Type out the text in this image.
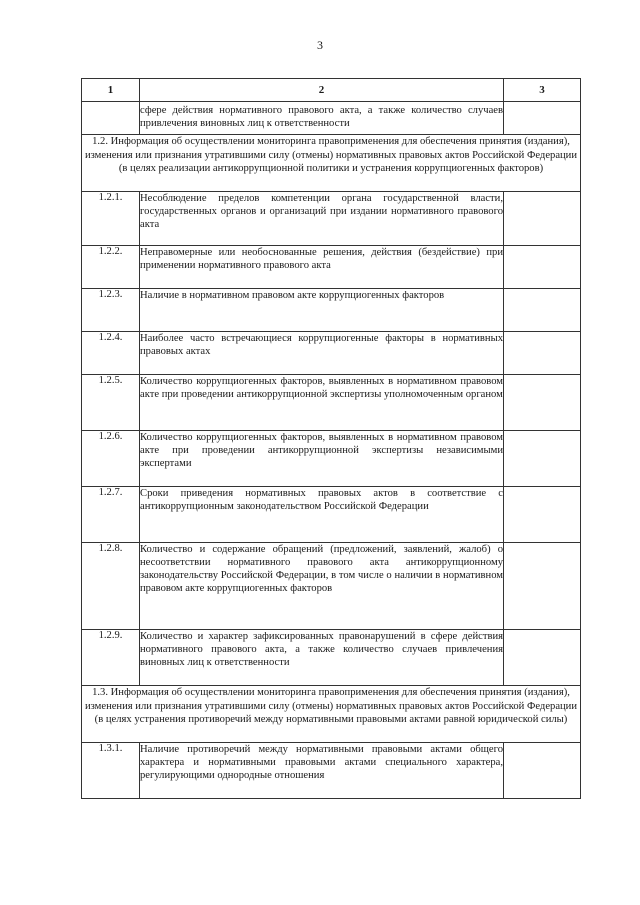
3
1	2	3
	сфере действия нормативного правового акта, а также количество случаев привлечения виновных лиц к ответственности	
1.2. Информация об осуществлении мониторинга правоприменения для обеспечения принятия (издания), изменения или признания утратившими силу (отмены) нормативных правовых актов Российской Федерации (в целях реализации антикоррупционной политики и устранения коррупциогенных факторов)		
1.2.1.	Несоблюдение пределов компетенции органа государственной власти, государственных органов и организаций при издании нормативного правового акта	
1.2.2.	Неправомерные или необоснованные решения, действия (бездействие) при применении нормативного правового акта	
1.2.3.	Наличие в нормативном правовом акте коррупциогенных факторов	
1.2.4.	Наиболее часто встречающиеся коррупциогенные факторы в нормативных правовых актах	
1.2.5.	Количество коррупциогенных факторов, выявленных в нормативном правовом акте при проведении антикоррупционной экспертизы уполномоченным органом	
1.2.6.	Количество коррупциогенных факторов, выявленных в нормативном правовом акте при проведении антикоррупционной экспертизы независимыми экспертами	
1.2.7.	Сроки приведения нормативных правовых актов в соответствие с антикоррупционным законодательством Российской Федерации	
1.2.8.	Количество и содержание обращений (предложений, заявлений, жалоб) о несоответствии нормативного правового акта антикоррупционному законодательству Российской Федерации, в том числе о наличии в нормативном правовом акте коррупциогенных факторов	
1.2.9.	Количество и характер зафиксированных правонарушений в сфере действия нормативного правового акта, а также количество случаев привлечения виновных лиц к ответственности	
1.3. Информация об осуществлении мониторинга правоприменения для обеспечения принятия (издания), изменения или признания утратившими силу (отмены) нормативных правовых актов Российской Федерации (в целях устранения противоречий между нормативными правовыми актами равной юридической силы)		
1.3.1.	Наличие противоречий между нормативными правовыми актами общего характера и нормативными правовыми актами специального характера, регулирующими однородные отношения	
